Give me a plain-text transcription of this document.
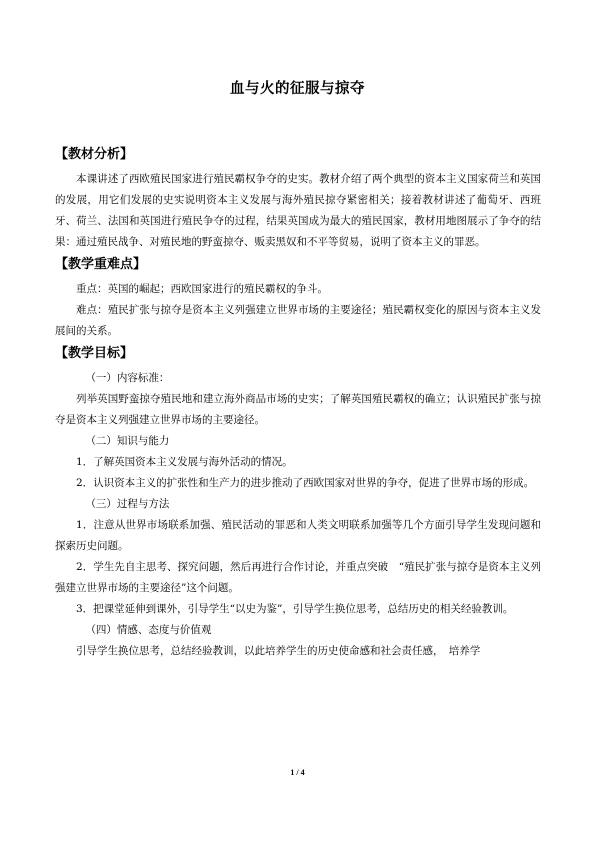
血与火的征服与掠夺
【教材分析】

本课讲述了西欧殖民国家进行殖民霸权争夺的史实。教材介绍了两个典型的资本主义国家荷兰和英国的发展，用它们发展的史实说明资本主义发展与海外殖民掠夺紧密相关；接着教材讲述了葡萄牙、西班牙、荷兰、法国和英国进行殖民争夺的过程，结果英国成为最大的殖民国家，教材用地图展示了争夺的结果：通过殖民战争、对殖民地的野蛮掠夺、贩卖黑奴和不平等贸易，说明了资本主义的罪恶。

【教学重难点】

重点：英国的崛起；西欧国家进行的殖民霸权的争斗。

难点：殖民扩张与掠夺是资本主义列强建立世界市场的主要途径；殖民霸权变化的原因与资本主义发展间的关系。

【教学目标】

（一）内容标准：

列举英国野蛮掠夺殖民地和建立海外商品市场的史实；了解英国殖民霸权的确立；认识殖民扩张与掠夺是资本主义列强建立世界市场的主要途径。

（二）知识与能力

1．了解英国资本主义发展与海外活动的情况。

2．认识资本主义的扩张性和生产力的进步推动了西欧国家对世界的争夺，促进了世界市场的形成。

（三）过程与方法

1．注意从世界市场联系加强、殖民活动的罪恶和人类文明联系加强等几个方面引导学生发现问题和探索历史问题。

2．学生先自主思考、探究问题，然后再进行合作讨论，并重点突破　“殖民扩张与掠夺是资本主义列强建立世界市场的主要途径”这个问题。

3．把课堂延伸到课外，引导学生“以史为鉴”，引导学生换位思考，总结历史的相关经验教训。

（四）情感、态度与价值观

引导学生换位思考，总结经验教训，以此培养学生的历史使命感和社会责任感，　培养学

1 / 4
